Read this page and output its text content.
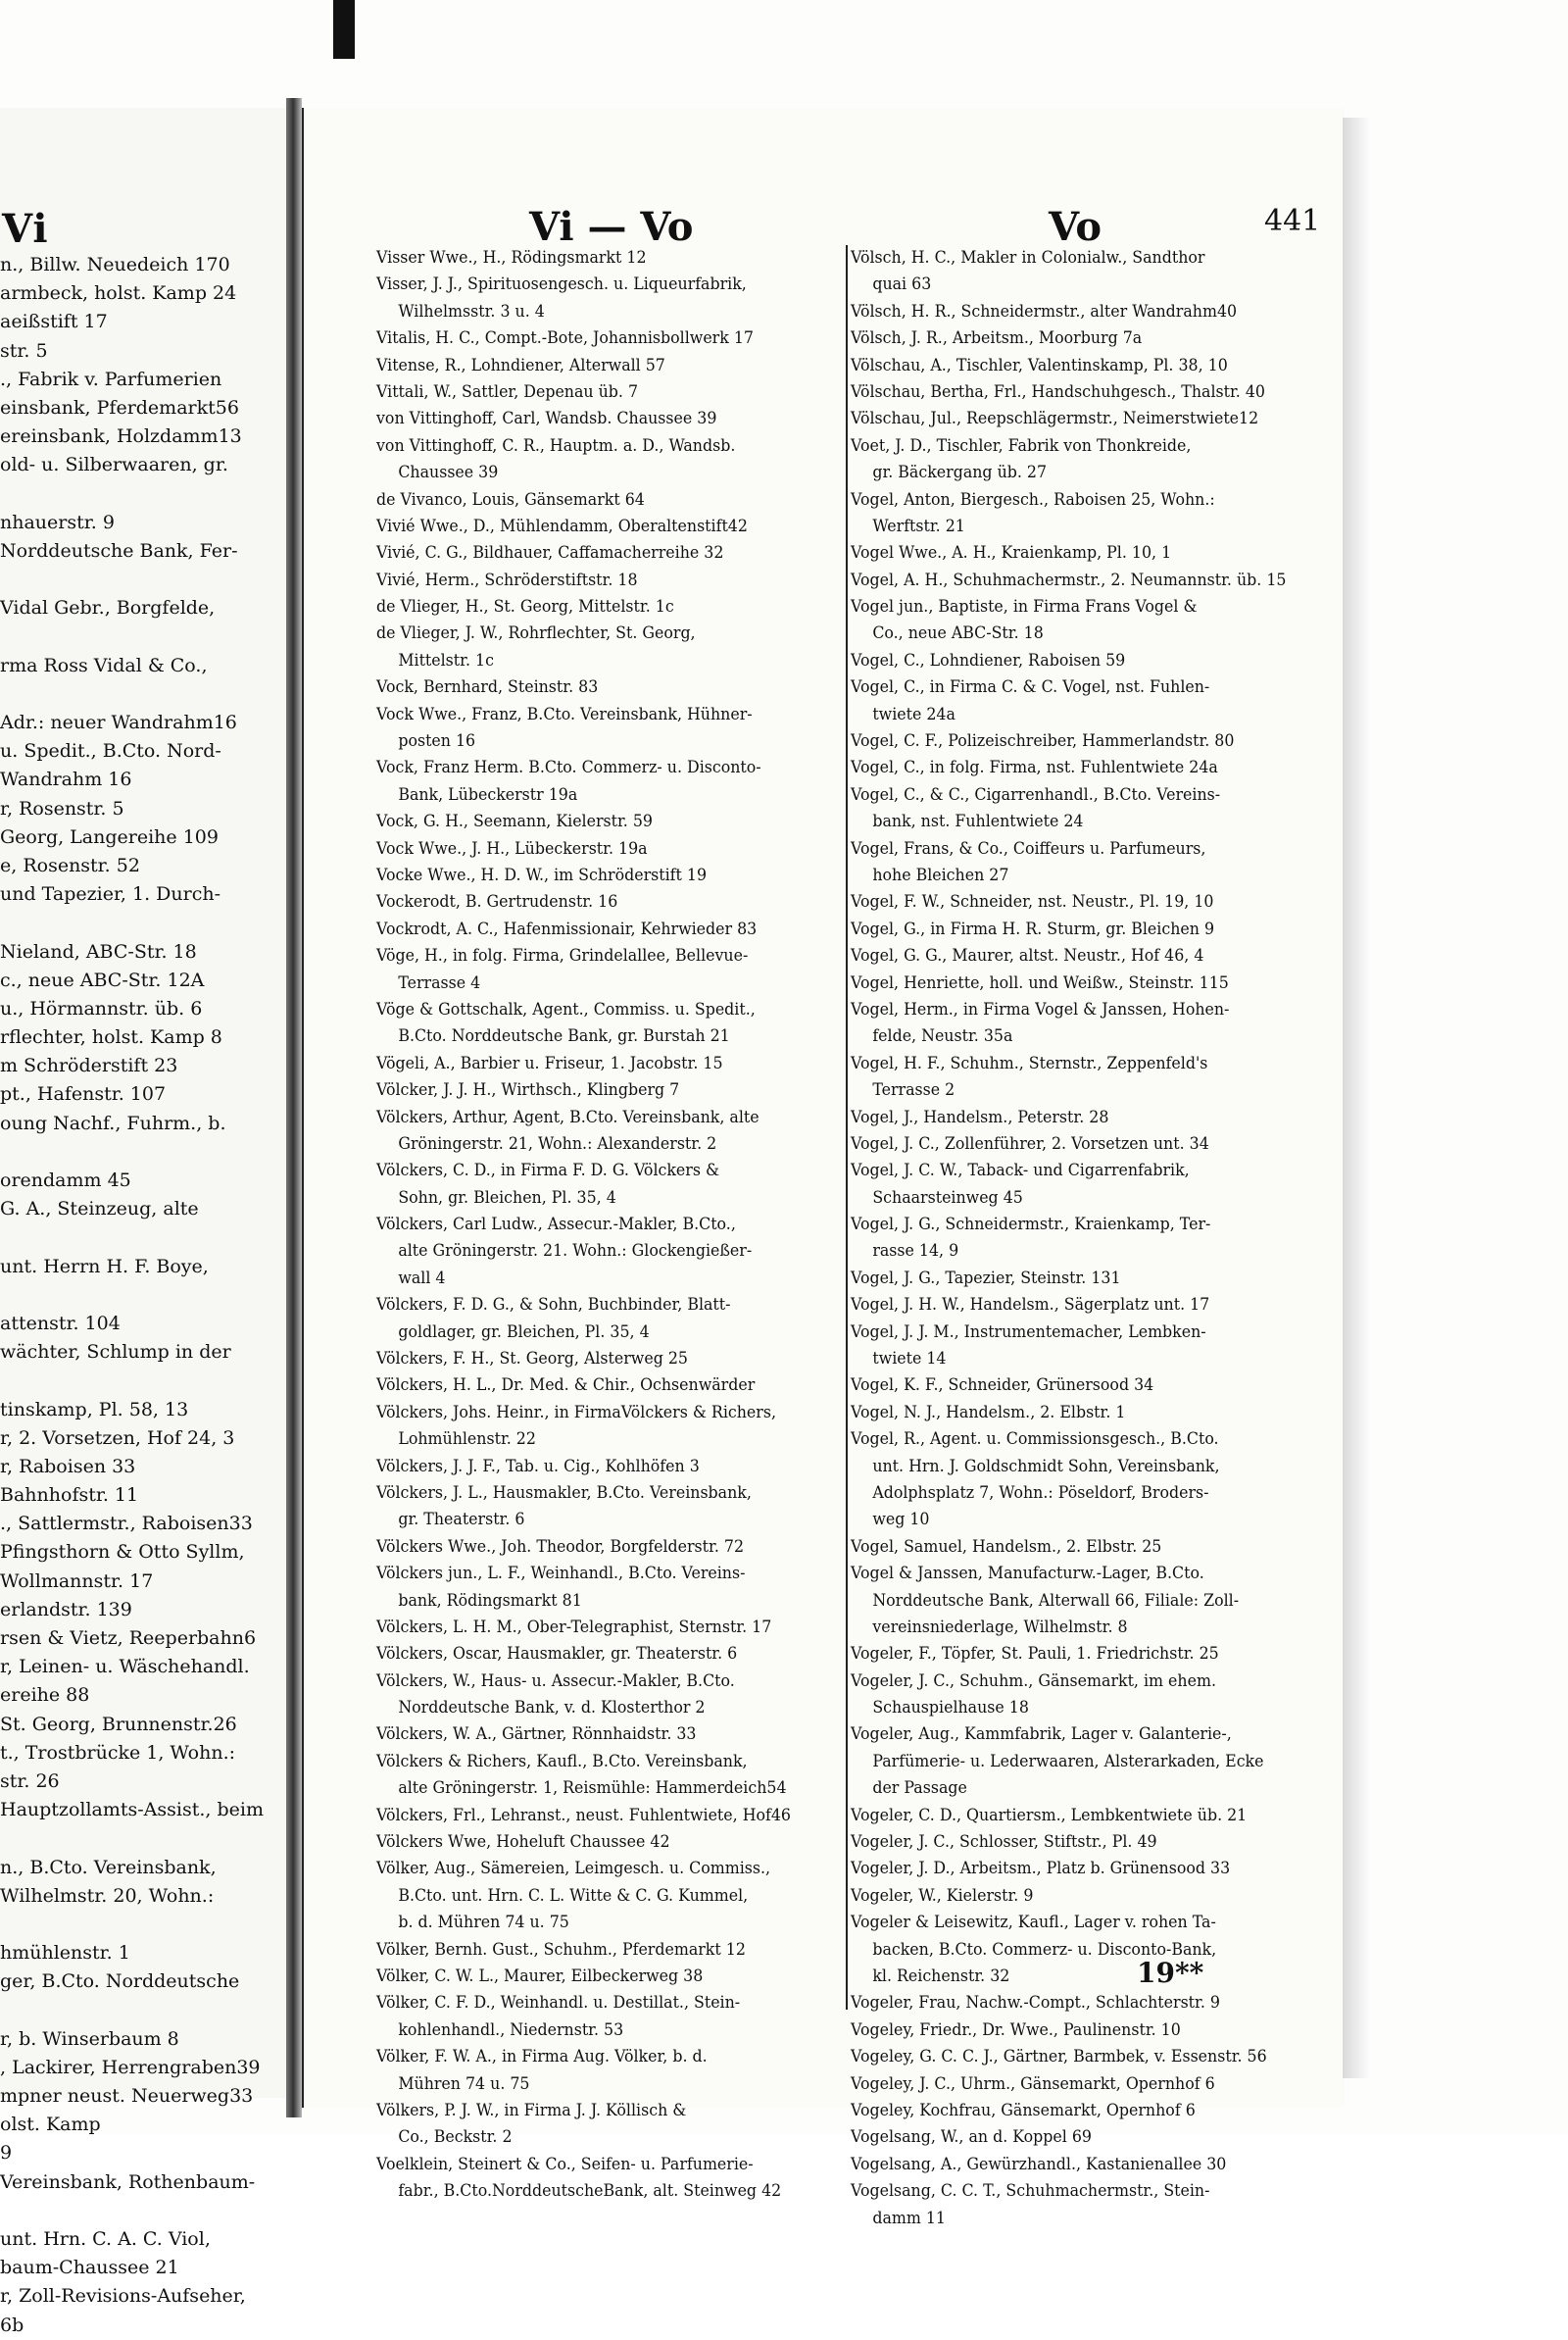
Vi
n., Billw. Neuedeich 170
armbeck, holst. Kamp 24
aeißstift 17
str. 5
., Fabrik v. Parfumerien
einsbank, Pferdemarkt56
ereinsbank, Holzdamm13
old- u. Silberwaaren, gr.
nhauerstr. 9
Norddeutsche Bank, Fer-
Vidal Gebr., Borgfelde,
rma Ross Vidal & Co.,
Adr.: neuer Wandrahm16
u. Spedit., B.Cto. Nord-
Wandrahm 16
r, Rosenstr. 5
Georg, Langereihe 109
e, Rosenstr. 52
und Tapezier, 1. Durch-
Nieland, ABC-Str. 18
c., neue ABC-Str. 12A
u., Hörmannstr. üb. 6
rflechter, holst. Kamp 8
m Schröderstift 23
pt., Hafenstr. 107
oung Nachf., Fuhrm., b.
orendamm 45
G. A., Steinzeug, alte
unt. Herrn H. F. Boye,
attenstr. 104
wächter, Schlump in der
tinskamp, Pl. 58, 13
r, 2. Vorsetzen, Hof 24, 3
r, Raboisen 33
Bahnhofstr. 11
., Sattlermstr., Raboisen33
Pfingsthorn & Otto Syllm,
Wollmannstr. 17
erlandstr. 139
rsen & Vietz, Reeperbahn6
r, Leinen- u. Wäschehandl.
ereihe 88
St. Georg, Brunnenstr.26
t., Trostbrücke 1, Wohn.:
str. 26
Hauptzollamts-Assist., beim
n., B.Cto. Vereinsbank,
Wilhelmstr. 20, Wohn.:
hmühlenstr. 1
ger, B.Cto. Norddeutsche
r, b. Winserbaum 8
, Lackirer, Herrengraben39
mpner neust. Neuerweg33
olst. Kamp
9
Vereinsbank, Rothenbaum-
unt. Hrn. C. A. C. Viol,
baum-Chaussee 21
r, Zoll-Revisions-Aufseher,
6b
Vi — Vo	Vo	441
Visser Wwe., H., Rödingsmarkt 12
Visser, J. J., Spirituosengesch. u. Liqueurfabrik,
Wilhelmsstr. 3 u. 4
Vitalis, H. C., Compt.-Bote, Johannisbollwerk 17
Vitense, R., Lohndiener, Alterwall 57
Vittali, W., Sattler, Depenau üb. 7
von Vittinghoff, Carl, Wandsb. Chaussee 39
von Vittinghoff, C. R., Hauptm. a. D., Wandsb.
Chaussee 39
de Vivanco, Louis, Gänsemarkt 64
Vivié Wwe., D., Mühlendamm, Oberaltenstift42
Vivié, C. G., Bildhauer, Caffamacherreihe 32
Vivié, Herm., Schröderstiftstr. 18
de Vlieger, H., St. Georg, Mittelstr. 1c
de Vlieger, J. W., Rohrflechter, St. Georg,
Mittelstr. 1c
Vock, Bernhard, Steinstr. 83
Vock Wwe., Franz, B.Cto. Vereinsbank, Hühner-
posten 16
Vock, Franz Herm. B.Cto. Commerz- u. Disconto-
Bank, Lübeckerstr 19a
Vock, G. H., Seemann, Kielerstr. 59
Vock Wwe., J. H., Lübeckerstr. 19a
Vocke Wwe., H. D. W., im Schröderstift 19
Vockerodt, B. Gertrudenstr. 16
Vockrodt, A. C., Hafenmissionair, Kehrwieder 83
Vöge, H., in folg. Firma, Grindelallee, Bellevue-
Terrasse 4
Vöge & Gottschalk, Agent., Commiss. u. Spedit.,
B.Cto. Norddeutsche Bank, gr. Burstah 21
Vögeli, A., Barbier u. Friseur, 1. Jacobstr. 15
Völcker, J. J. H., Wirthsch., Klingberg 7
Völckers, Arthur, Agent, B.Cto. Vereinsbank, alte
Gröningerstr. 21, Wohn.: Alexanderstr. 2
Völckers, C. D., in Firma F. D. G. Völckers &
Sohn, gr. Bleichen, Pl. 35, 4
Völckers, Carl Ludw., Assecur.-Makler, B.Cto.,
alte Gröningerstr. 21. Wohn.: Glockengießer-
wall 4
Völckers, F. D. G., & Sohn, Buchbinder, Blatt-
goldlager, gr. Bleichen, Pl. 35, 4
Völckers, F. H., St. Georg, Alsterweg 25
Völckers, H. L., Dr. Med. & Chir., Ochsenwärder
Völckers, Johs. Heinr., in FirmaVölckers & Richers,
Lohmühlenstr. 22
Völckers, J. J. F., Tab. u. Cig., Kohlhöfen 3
Völckers, J. L., Hausmakler, B.Cto. Vereinsbank,
gr. Theaterstr. 6
Völckers Wwe., Joh. Theodor, Borgfelderstr. 72
Völckers jun., L. F., Weinhandl., B.Cto. Vereins-
bank, Rödingsmarkt 81
Völckers, L. H. M., Ober-Telegraphist, Sternstr. 17
Völckers, Oscar, Hausmakler, gr. Theaterstr. 6
Völckers, W., Haus- u. Assecur.-Makler, B.Cto.
Norddeutsche Bank, v. d. Klosterthor 2
Völckers, W. A., Gärtner, Rönnhaidstr. 33
Völckers & Richers, Kaufl., B.Cto. Vereinsbank,
alte Gröningerstr. 1, Reismühle: Hammerdeich54
Völckers, Frl., Lehranst., neust. Fuhlentwiete, Hof46
Völckers Wwe, Hoheluft Chaussee 42
Völker, Aug., Sämereien, Leimgesch. u. Commiss.,
B.Cto. unt. Hrn. C. L. Witte & C. G. Kummel,
b. d. Mühren 74 u. 75
Völker, Bernh. Gust., Schuhm., Pferdemarkt 12
Völker, C. W. L., Maurer, Eilbeckerweg 38
Völker, C. F. D., Weinhandl. u. Destillat., Stein-
kohlenhandl., Niedernstr. 53
Völker, F. W. A., in Firma Aug. Völker, b. d.
Mühren 74 u. 75
Völkers, P. J. W., in Firma J. J. Köllisch &
Co., Beckstr. 2
Voelklein, Steinert & Co., Seifen- u. Parfumerie-
fabr., B.Cto.NorddeutscheBank, alt. Steinweg 42
Völsch, H. C., Makler in Colonialw., Sandthor
quai 63
Völsch, H. R., Schneidermstr., alter Wandrahm40
Völsch, J. R., Arbeitsm., Moorburg 7a
Völschau, A., Tischler, Valentinskamp, Pl. 38, 10
Völschau, Bertha, Frl., Handschuhgesch., Thalstr. 40
Völschau, Jul., Reepschlägermstr., Neimerstwiete12
Voet, J. D., Tischler, Fabrik von Thonkreide,
gr. Bäckergang üb. 27
Vogel, Anton, Biergesch., Raboisen 25, Wohn.:
Werftstr. 21
Vogel Wwe., A. H., Kraienkamp, Pl. 10, 1
Vogel, A. H., Schuhmachermstr., 2. Neumannstr. üb. 15
Vogel jun., Baptiste, in Firma Frans Vogel &
Co., neue ABC-Str. 18
Vogel, C., Lohndiener, Raboisen 59
Vogel, C., in Firma C. & C. Vogel, nst. Fuhlen-
twiete 24a
Vogel, C. F., Polizeischreiber, Hammerlandstr. 80
Vogel, C., in folg. Firma, nst. Fuhlentwiete 24a
Vogel, C., & C., Cigarrenhandl., B.Cto. Vereins-
bank, nst. Fuhlentwiete 24
Vogel, Frans, & Co., Coiffeurs u. Parfumeurs,
hohe Bleichen 27
Vogel, F. W., Schneider, nst. Neustr., Pl. 19, 10
Vogel, G., in Firma H. R. Sturm, gr. Bleichen 9
Vogel, G. G., Maurer, altst. Neustr., Hof 46, 4
Vogel, Henriette, holl. und Weißw., Steinstr. 115
Vogel, Herm., in Firma Vogel & Janssen, Hohen-
felde, Neustr. 35a
Vogel, H. F., Schuhm., Sternstr., Zeppenfeld's
Terrasse 2
Vogel, J., Handelsm., Peterstr. 28
Vogel, J. C., Zollenführer, 2. Vorsetzen unt. 34
Vogel, J. C. W., Taback- und Cigarrenfabrik,
Schaarsteinweg 45
Vogel, J. G., Schneidermstr., Kraienkamp, Ter-
rasse 14, 9
Vogel, J. G., Tapezier, Steinstr. 131
Vogel, J. H. W., Handelsm., Sägerplatz unt. 17
Vogel, J. J. M., Instrumentemacher, Lembken-
twiete 14
Vogel, K. F., Schneider, Grünersood 34
Vogel, N. J., Handelsm., 2. Elbstr. 1
Vogel, R., Agent. u. Commissionsgesch., B.Cto.
unt. Hrn. J. Goldschmidt Sohn, Vereinsbank,
Adolphsplatz 7, Wohn.: Pöseldorf, Broders-
weg 10
Vogel, Samuel, Handelsm., 2. Elbstr. 25
Vogel & Janssen, Manufacturw.-Lager, B.Cto.
Norddeutsche Bank, Alterwall 66, Filiale: Zoll-
vereinsniederlage, Wilhelmstr. 8
Vogeler, F., Töpfer, St. Pauli, 1. Friedrichstr. 25
Vogeler, J. C., Schuhm., Gänsemarkt, im ehem.
Schauspielhause 18
Vogeler, Aug., Kammfabrik, Lager v. Galanterie-,
Parfümerie- u. Lederwaaren, Alsterarkaden, Ecke
der Passage
Vogeler, C. D., Quartiersm., Lembkentwiete üb. 21
Vogeler, J. C., Schlosser, Stiftstr., Pl. 49
Vogeler, J. D., Arbeitsm., Platz b. Grünensood 33
Vogeler, W., Kielerstr. 9
Vogeler & Leisewitz, Kaufl., Lager v. rohen Ta-
backen, B.Cto. Commerz- u. Disconto-Bank,
kl. Reichenstr. 32
Vogeler, Frau, Nachw.-Compt., Schlachterstr. 9
Vogeley, Friedr., Dr. Wwe., Paulinenstr. 10
Vogeley, G. C. C. J., Gärtner, Barmbek, v. Essenstr. 56
Vogeley, J. C., Uhrm., Gänsemarkt, Opernhof 6
Vogeley, Kochfrau, Gänsemarkt, Opernhof 6
Vogelsang, W., an d. Koppel 69
Vogelsang, A., Gewürzhandl., Kastanienallee 30
Vogelsang, C. C. T., Schuhmachermstr., Stein-
damm 11
19**
